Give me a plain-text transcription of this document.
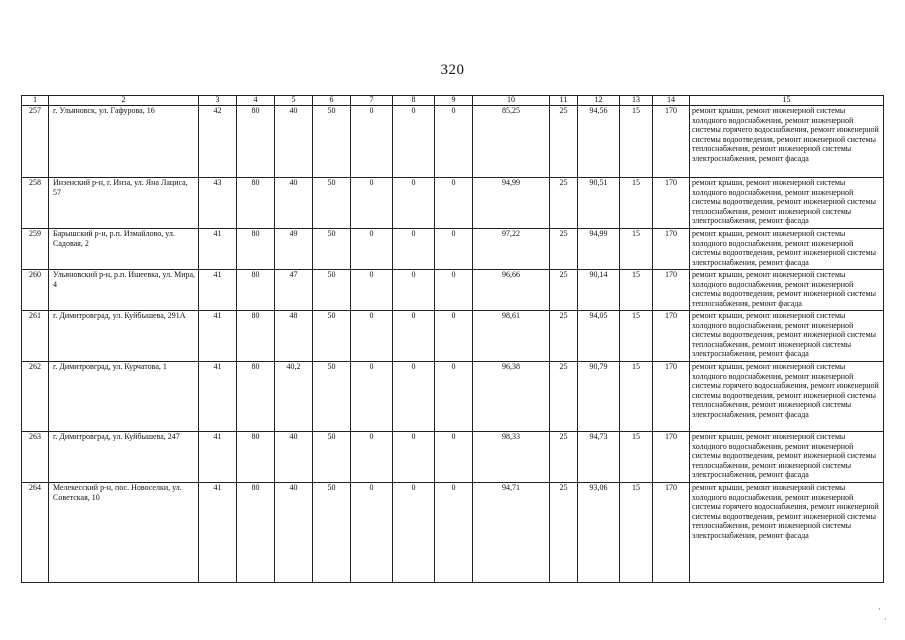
320
1	2	3	4	5	6	7	8	9	10	11	12	13	14	15
257	г. Ульяновск, ул. Гафурова, 16	42	80	40	50	0	0	0	85,25	25	94,56	15	170	ремонт крыши, ремонт инженерной системы холодного водоснабжения, ремонт инженерной системы горячего водоснабжения, ремонт инженерной системы водоотведения, ремонт инженерной системы теплоснабжения, ремонт инженерной системы электроснабжения, ремонт фасада
258	Инзенский р-н, г. Инза, ул. Яна Лациса, 57	43	80	40	50	0	0	0	94,99	25	90,51	15	170	ремонт крыши, ремонт инженерной системы холодного водоснабжения, ремонт инженерной системы водоотведения, ремонт инженерной системы теплоснабжения, ремонт инженерной системы электроснабжения, ремонт фасада
259	Барышский р-н, р.п. Измайлово, ул. Садовая, 2	41	80	49	50	0	0	0	97,22	25	94,99	15	170	ремонт крыши, ремонт инженерной системы холодного водоснабжения, ремонт инженерной системы водоотведения, ремонт инженерной системы электроснабжения, ремонт фасада
260	Ульяновский р-н, р.п. Ишеевка, ул. Мира, 4	41	80	47	50	0	0	0	96,66	25	90,14	15	170	ремонт крыши, ремонт инженерной системы холодного водоснабжения, ремонт инженерной системы водоотведения, ремонт инженерной системы теплоснабжения, ремонт фасада
261	г. Димитровград, ул. Куйбышева, 291А	41	80	48	50	0	0	0	98,61	25	94,05	15	170	ремонт крыши, ремонт инженерной системы холодного водоснабжения, ремонт инженерной системы водоотведения, ремонт инженерной системы теплоснабжения, ремонт инженерной системы электроснабжения, ремонт фасада
262	г. Димитровград, ул. Курчатова, 1	41	80	40,2	50	0	0	0	96,38	25	90,79	15	170	ремонт крыши, ремонт инженерной системы холодного водоснабжения, ремонт инженерной системы горячего водоснабжения, ремонт инженерной системы водоотведения, ремонт инженерной системы теплоснабжения, ремонт инженерной системы электроснабжения, ремонт фасада
263	г. Димитровград, ул. Куйбышева, 247	41	80	40	50	0	0	0	98,33	25	94,73	15	170	ремонт крыши, ремонт инженерной системы холодного водоснабжения, ремонт инженерной системы водоотведения, ремонт инженерной системы теплоснабжения, ремонт инженерной системы электроснабжения, ремонт фасада
264	Мелекесский р-н, пос. Новоселки, ул. Советская, 10	41	80	40	50	0	0	0	94,71	25	93,06	15	170	ремонт крыши, ремонт инженерной системы холодного водоснабжения, ремонт инженерной системы горячего водоснабжения, ремонт инженерной системы водоотведения, ремонт инженерной системы теплоснабжения, ремонт инженерной системы электроснабжения, ремонт фасада
·
·
